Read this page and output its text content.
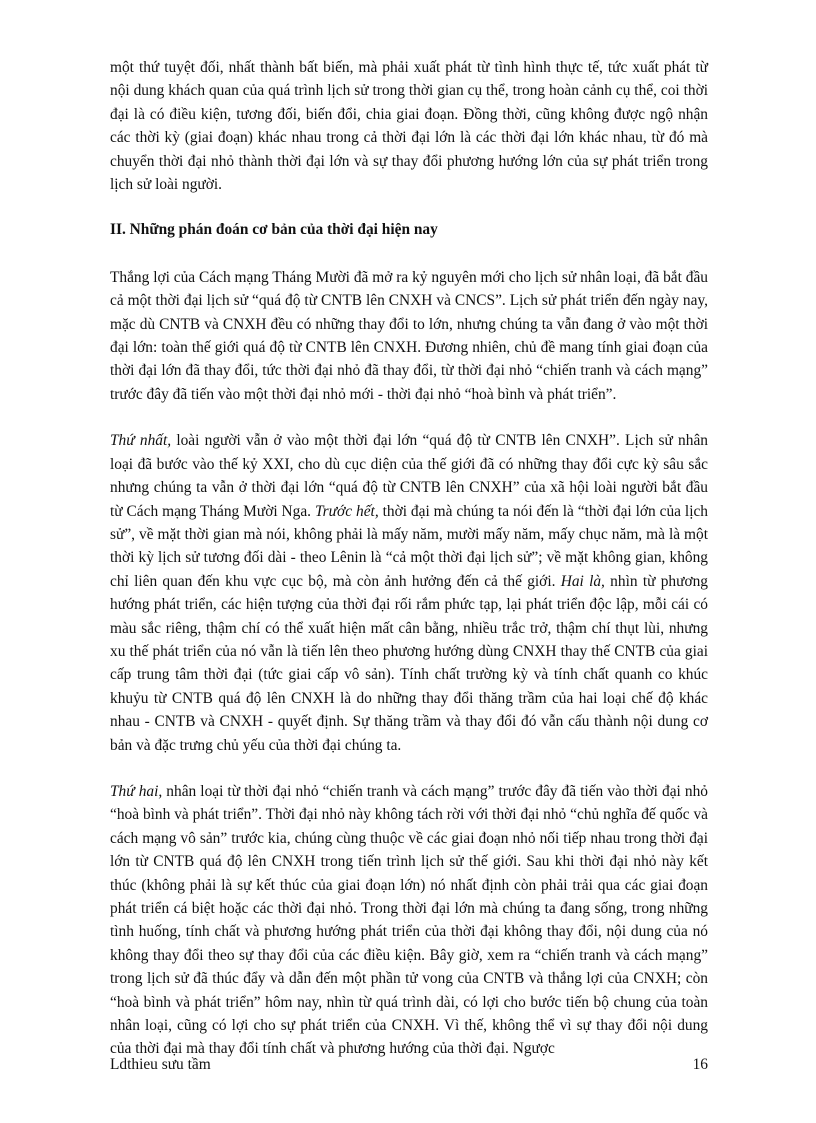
một thứ tuyệt đối, nhất thành bất biến, mà phải xuất phát từ tình hình thực tế, tức xuất phát từ nội dung khách quan của quá trình lịch sử trong thời gian cụ thể, trong hoàn cảnh cụ thể, coi thời đại là có điều kiện, tương đối, biến đổi, chia giai đoạn. Đồng thời, cũng không được ngộ nhận các thời kỳ (giai đoạn) khác nhau trong cả thời đại lớn là các thời đại lớn khác nhau, từ đó mà chuyển thời đại nhỏ thành thời đại lớn và sự thay đổi phương hướng lớn của sự phát triển trong lịch sử loài người.

II. Những phán đoán cơ bản của thời đại hiện nay

Thắng lợi của Cách mạng Tháng Mười đã mở ra kỷ nguyên mới cho lịch sử nhân loại, đã bắt đầu cả một thời đại lịch sử “quá độ từ CNTB lên CNXH và CNCS”. Lịch sử phát triển đến ngày nay, mặc dù CNTB và CNXH đều có những thay đổi to lớn, nhưng chúng ta vẫn đang ở vào một thời đại lớn: toàn thế giới quá độ từ CNTB lên CNXH. Đương nhiên, chủ đề mang tính giai đoạn của thời đại lớn đã thay đổi, tức thời đại nhỏ đã thay đổi, từ thời đại nhỏ “chiến tranh và cách mạng” trước đây đã tiến vào một thời đại nhỏ mới - thời đại nhỏ “hoà bình và phát triển”.

Thứ nhất, loài người vẫn ở vào một thời đại lớn “quá độ từ CNTB lên CNXH”. Lịch sử nhân loại đã bước vào thế kỷ XXI, cho dù cục diện của thế giới đã có những thay đổi cực kỳ sâu sắc nhưng chúng ta vẫn ở thời đại lớn “quá độ từ CNTB lên CNXH” của xã hội loài người bắt đầu từ Cách mạng Tháng Mười Nga. Trước hết, thời đại mà chúng ta nói đến là “thời đại lớn của lịch sử”, về mặt thời gian mà nói, không phải là mấy năm, mười mấy năm, mấy chục năm, mà là một thời kỳ lịch sử tương đối dài - theo Lênin là “cả một thời đại lịch sử”; về mặt không gian, không chỉ liên quan đến khu vực cục bộ, mà còn ảnh hưởng đến cả thế giới. Hai là, nhìn từ phương hướng phát triển, các hiện tượng của thời đại rối rắm phức tạp, lại phát triển độc lập, mỗi cái có màu sắc riêng, thậm chí có thể xuất hiện mất cân bằng, nhiều trắc trở, thậm chí thụt lùi, nhưng xu thế phát triển của nó vẫn là tiến lên theo phương hướng dùng CNXH thay thế CNTB của giai cấp trung tâm thời đại (tức giai cấp vô sản). Tính chất trường kỳ và tính chất quanh co khúc khuỷu từ CNTB quá độ lên CNXH là do những thay đổi thăng trầm của hai loại chế độ khác nhau - CNTB và CNXH - quyết định. Sự thăng trầm và thay đổi đó vẫn cấu thành nội dung cơ bản và đặc trưng chủ yếu của thời đại chúng ta.

Thứ hai, nhân loại từ thời đại nhỏ “chiến tranh và cách mạng” trước đây đã tiến vào thời đại nhỏ “hoà bình và phát triển”. Thời đại nhỏ này không tách rời với thời đại nhỏ “chủ nghĩa đế quốc và cách mạng vô sản” trước kia, chúng cùng thuộc về các giai đoạn nhỏ nối tiếp nhau trong thời đại lớn từ CNTB quá độ lên CNXH trong tiến trình lịch sử thế giới. Sau khi thời đại nhỏ này kết thúc (không phải là sự kết thúc của giai đoạn lớn) nó nhất định còn phải trải qua các giai đoạn phát triển cá biệt hoặc các thời đại nhỏ. Trong thời đại lớn mà chúng ta đang sống, trong những tình huống, tính chất và phương hướng phát triển của thời đại không thay đổi, nội dung của nó không thay đổi theo sự thay đổi của các điều kiện. Bây giờ, xem ra “chiến tranh và cách mạng” trong lịch sử đã thúc đẩy và dẫn đến một phần tử vong của CNTB và thắng lợi của CNXH; còn “hoà bình và phát triển” hôm nay, nhìn từ quá trình dài, có lợi cho bước tiến bộ chung của toàn nhân loại, cũng có lợi cho sự phát triển của CNXH. Vì thế, không thể vì sự thay đổi nội dung của thời đại mà thay đổi tính chất và phương hướng của thời đại. Ngược

Ldthieu sưu tầm	16
